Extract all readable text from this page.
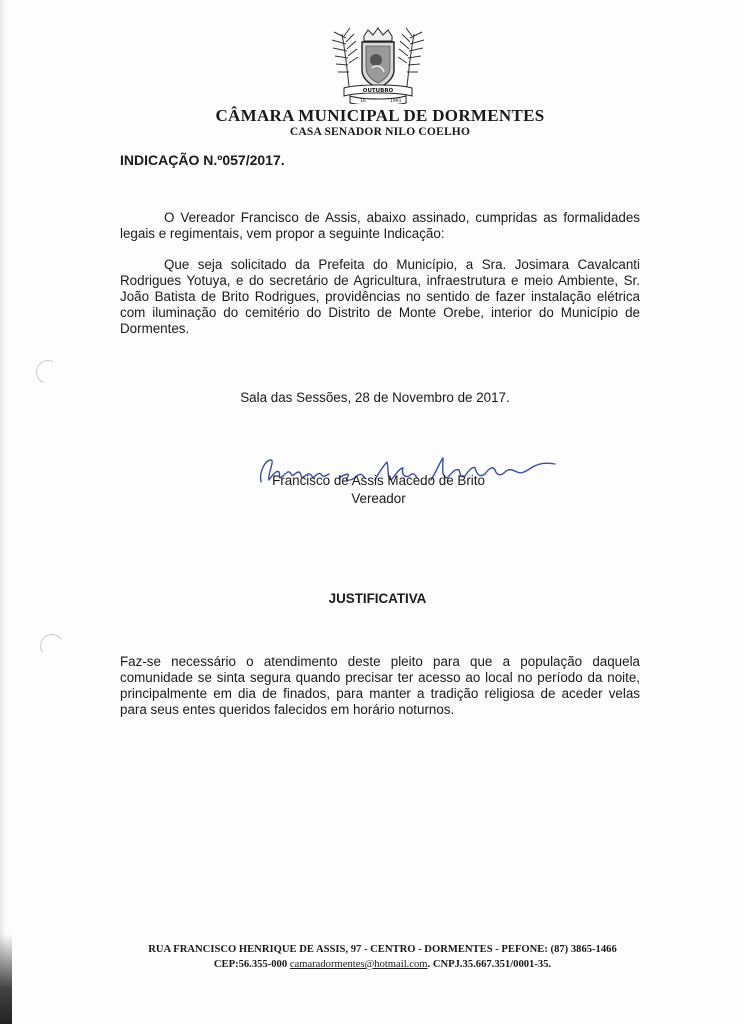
OUTUBRO
16	1991
CÂMARA MUNICIPAL DE DORMENTES
CASA SENADOR NILO COELHO
INDICAÇÃO N.º057/2017.
O Vereador Francisco de Assis, abaixo assinado, cumpridas as formalidades legais e regimentais, vem propor a seguinte Indicação:
Que seja solicitado da Prefeita do Município, a Sra. Josimara Cavalcanti Rodrigues Yotuya, e do secretário de Agricultura, infraestrutura e meio Ambiente, Sr. João Batista de Brito Rodrigues, providências no sentido de fazer instalação elétrica com iluminação do cemitério do Distrito de Monte Orebe, interior do Município de Dormentes.
Sala das Sessões, 28 de Novembro de 2017.
Francisco de Assis Macedo de Brito
Vereador
JUSTIFICATIVA
Faz-se necessário o atendimento deste pleito para que a população daquela comunidade se sinta segura quando precisar ter acesso ao local no período da noite, principalmente em dia de finados, para manter a tradição religiosa de aceder velas para seus entes queridos falecidos em horário noturnos.
RUA FRANCISCO HENRIQUE DE ASSIS, 97 - CENTRO - DORMENTES - PEFONE: (87) 3865-1466
CEP:56.355-000 camaradormentes@hotmail.com. CNPJ.35.667.351/0001-35.
